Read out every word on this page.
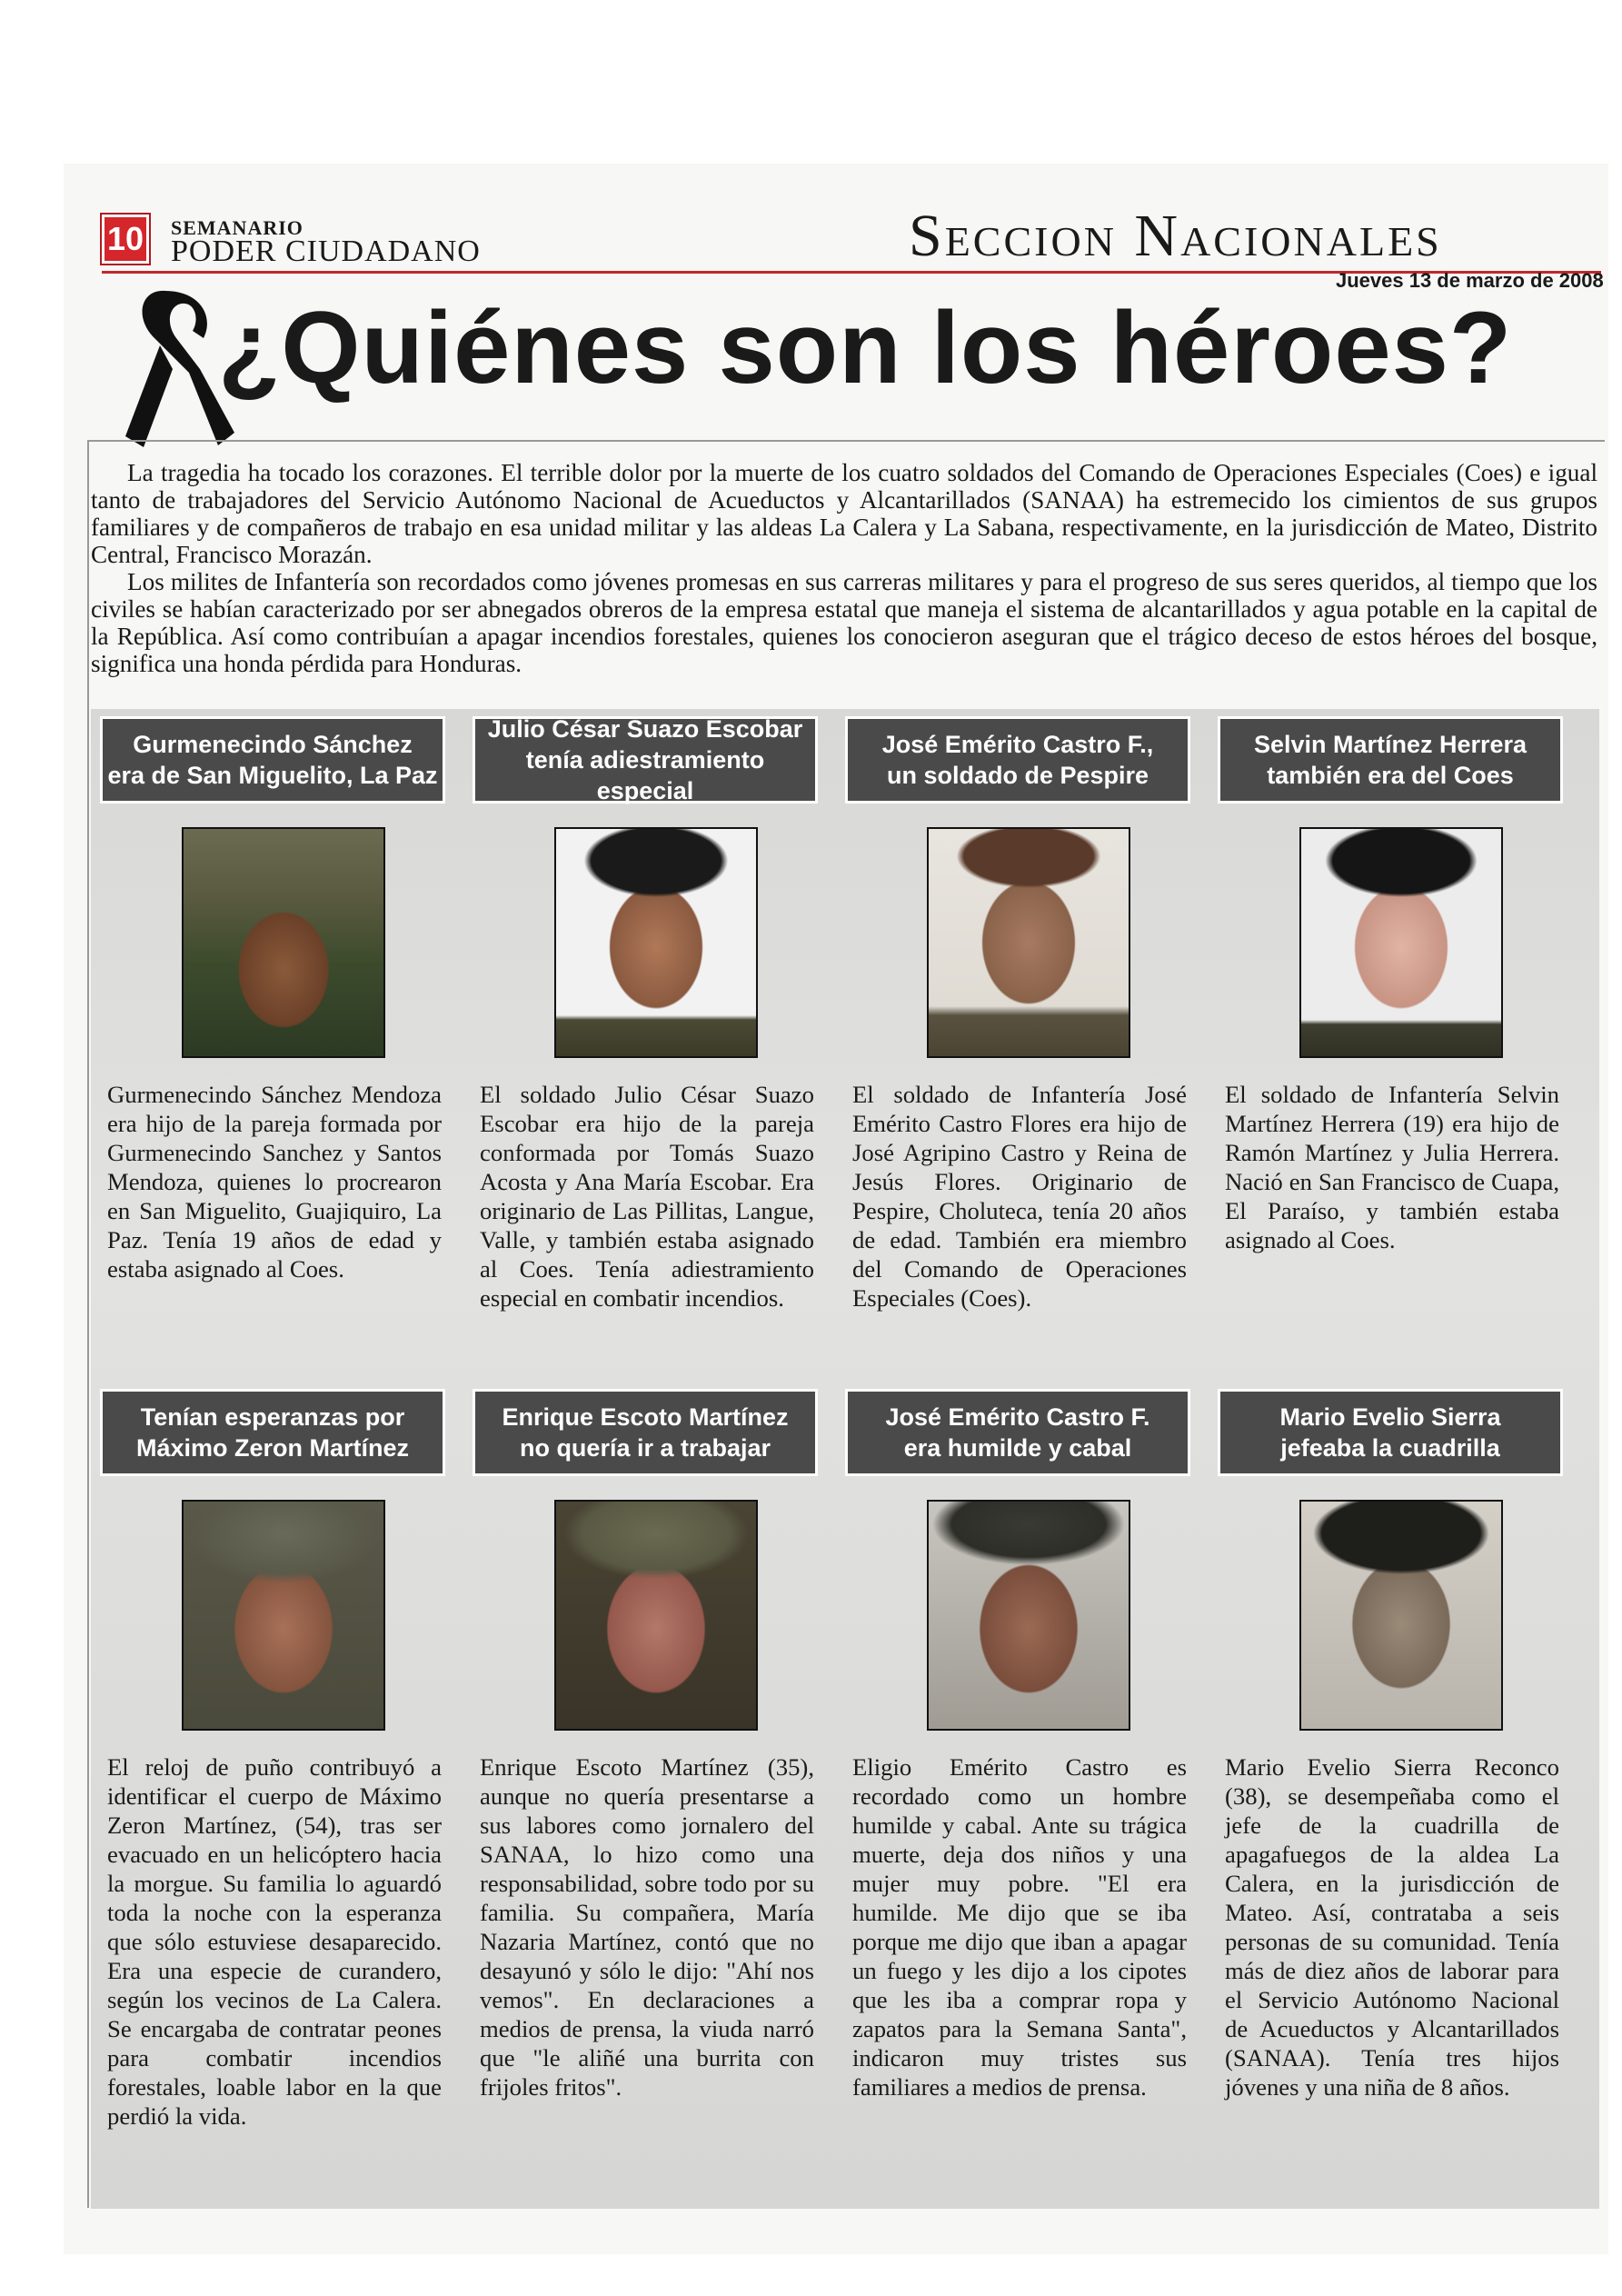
10 SEMANARIO
PODER CIUDADANO	Seccion Nacionales
Jueves 13 de marzo de 2008
¿Quiénes son los héroes?

La tragedia ha tocado los corazones. El terrible dolor por la muerte de los cuatro soldados del Comando de Operaciones Especiales (Coes) e igual tanto de trabajadores del Servicio Autónomo Nacional de Acueductos y Alcantarillados (SANAA) ha estremecido los cimientos de sus grupos familiares y de compañeros de trabajo en esa unidad militar y las aldeas La Calera y La Sabana, respectivamente, en la jurisdicción de Mateo, Distrito Central, Francisco Morazán.

Los milites de Infantería son recordados como jóvenes promesas en sus carreras militares y para el progreso de sus seres queridos, al tiempo que los civiles se habían caracterizado por ser abnegados obreros de la empresa estatal que maneja el sistema de alcantarillados y agua potable en la capital de la República. Así como contribuían a apagar incendios forestales, quienes los conocieron aseguran que el trágico deceso de estos héroes del bosque, significa una honda pérdida para Honduras.

Gurmenecindo Sánchez
era de San Miguelito, La Paz
Gurmenecindo Sánchez Mendoza era hijo de la pareja formada por Gurmenecindo Sanchez y Santos Mendoza, quienes lo procrearon en San Miguelito, Guajiquiro, La Paz. Tenía 19 años de edad y estaba asignado al Coes.
Julio César Suazo Escobar
tenía adiestramiento especial
El soldado Julio César Suazo Escobar era hijo de la pareja conformada por Tomás Suazo Acosta y Ana María Escobar. Era originario de Las Pillitas, Langue, Valle, y también estaba asignado al Coes. Tenía adiestramiento especial en combatir incendios.
José Emérito Castro F.,
un soldado de Pespire
El soldado de Infantería José Emérito Castro Flores era hijo de José Agripino Castro y Reina de Jesús Flores. Originario de Pespire, Choluteca, tenía 20 años de edad. También era miembro del Comando de Operaciones Especiales (Coes).
Selvin Martínez Herrera
también era del Coes
El soldado de Infantería Selvin Martínez Herrera (19) era hijo de Ramón Martínez y Julia Herrera. Nació en San Francisco de Cuapa, El Paraíso, y también estaba asignado al Coes.
Tenían esperanzas por
Máximo Zeron Martínez
El reloj de puño contribuyó a identificar el cuerpo de Máximo Zeron Martínez, (54), tras ser evacuado en un helicóptero hacia la morgue. Su familia lo aguardó toda la noche con la esperanza que sólo estuviese desaparecido. Era una especie de curandero, según los vecinos de La Calera. Se encargaba de contratar peones para combatir incendios forestales, loable labor en la que perdió la vida.
Enrique Escoto Martínez
no quería ir a trabajar
Enrique Escoto Martínez (35), aunque no quería presentarse a sus labores como jornalero del SANAA, lo hizo como una responsabilidad, sobre todo por su familia. Su compañera, María Nazaria Martínez, contó que no desayunó y sólo le dijo: "Ahí nos vemos". En declaraciones a medios de prensa, la viuda narró que "le aliñé una burrita con frijoles fritos".
José Emérito Castro F.
era humilde y cabal
Eligio Emérito Castro es recordado como un hombre humilde y cabal. Ante su trágica muerte, deja dos niños y una mujer muy pobre. "El era humilde. Me dijo que se iba porque me dijo que iban a apagar un fuego y les dijo a los cipotes que les iba a comprar ropa y zapatos para la Semana Santa", indicaron muy tristes sus familiares a medios de prensa.
Mario Evelio Sierra
jefeaba la cuadrilla
Mario Evelio Sierra Reconco (38), se desempeñaba como el jefe de la cuadrilla de apagafuegos de la aldea La Calera, en la jurisdicción de Mateo. Así, contrataba a seis personas de su comunidad. Tenía más de diez años de laborar para el Servicio Autónomo Nacional de Acueductos y Alcantarillados (SANAA). Tenía tres hijos jóvenes y una niña de 8 años.
